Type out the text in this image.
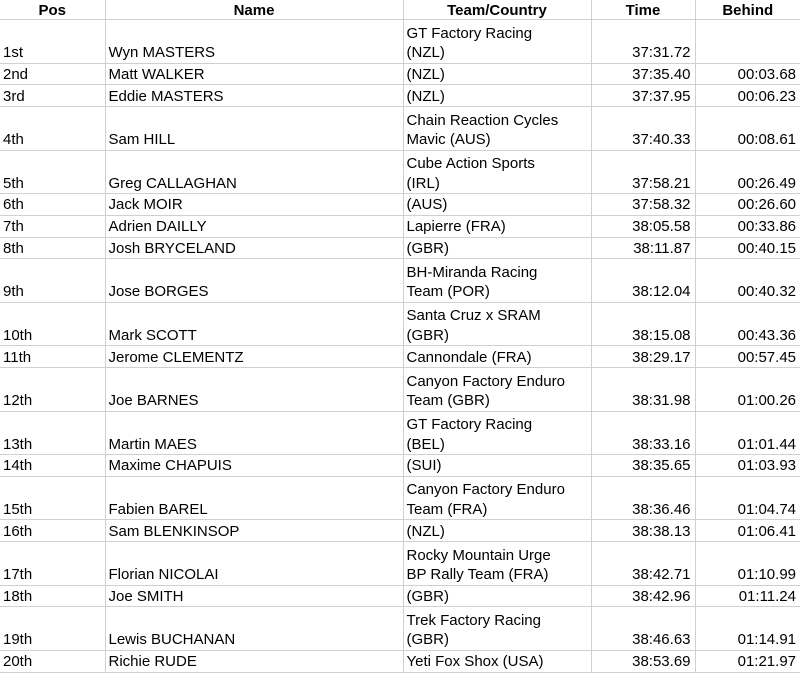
Pos	Name	Team/Country	Time	Behind
1st	Wyn MASTERS	GT Factory Racing
(NZL)	37:31.72	
2nd	Matt WALKER	(NZL)	37:35.40	00:03.68
3rd	Eddie MASTERS	(NZL)	37:37.95	00:06.23
4th	Sam HILL	Chain Reaction Cycles
Mavic (AUS)	37:40.33	00:08.61
5th	Greg CALLAGHAN	Cube Action Sports
(IRL)	37:58.21	00:26.49
6th	Jack MOIR	(AUS)	37:58.32	00:26.60
7th	Adrien DAILLY	Lapierre (FRA)	38:05.58	00:33.86
8th	Josh BRYCELAND	(GBR)	38:11.87	00:40.15
9th	Jose BORGES	BH-Miranda Racing
Team (POR)	38:12.04	00:40.32
10th	Mark SCOTT	Santa Cruz x SRAM
(GBR)	38:15.08	00:43.36
11th	Jerome CLEMENTZ	Cannondale (FRA)	38:29.17	00:57.45
12th	Joe BARNES	Canyon Factory Enduro
Team (GBR)	38:31.98	01:00.26
13th	Martin MAES	GT Factory Racing
(BEL)	38:33.16	01:01.44
14th	Maxime CHAPUIS	(SUI)	38:35.65	01:03.93
15th	Fabien BAREL	Canyon Factory Enduro
Team (FRA)	38:36.46	01:04.74
16th	Sam BLENKINSOP	(NZL)	38:38.13	01:06.41
17th	Florian NICOLAI	Rocky Mountain Urge
BP Rally Team (FRA)	38:42.71	01:10.99
18th	Joe SMITH	(GBR)	38:42.96	01:11.24
19th	Lewis BUCHANAN	Trek Factory Racing
(GBR)	38:46.63	01:14.91
20th	Richie RUDE	Yeti Fox Shox (USA)	38:53.69	01:21.97
